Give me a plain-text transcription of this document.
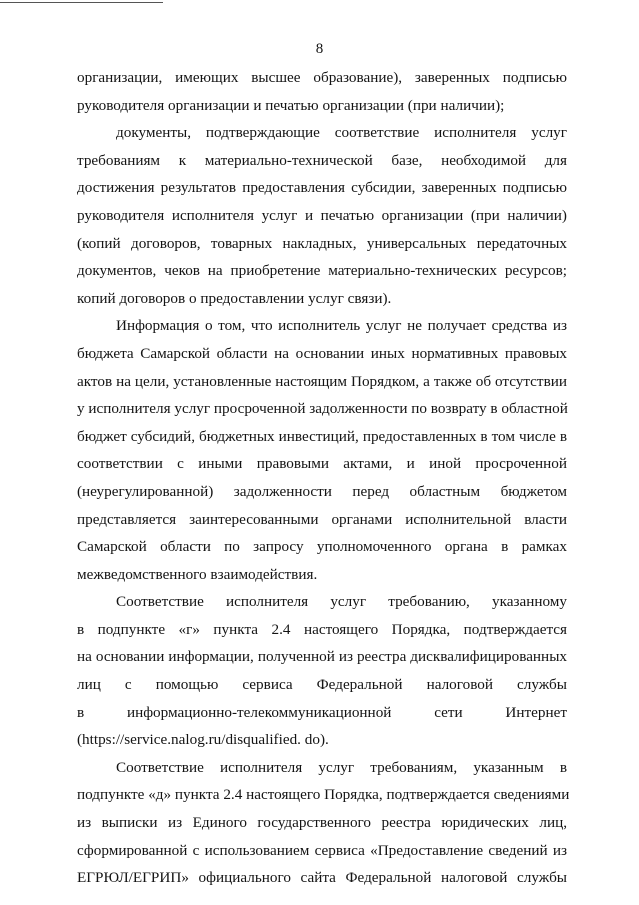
8
организации, имеющих высшее образование), заверенных подписью
руководителя организации и печатью организации (при наличии);
документы, подтверждающие соответствие исполнителя услуг
требованиям к материально-технической базе, необходимой для
достижения результатов предоставления субсидии, заверенных подписью
руководителя исполнителя услуг и печатью организации (при наличии)
(копий договоров, товарных накладных, универсальных передаточных
документов, чеков на приобретение материально-технических ресурсов;
копий договоров о предоставлении услуг связи).
Информация о том, что исполнитель услуг не получает средства из
бюджета Самарской области на основании иных нормативных правовых
актов на цели, установленные настоящим Порядком, а также об отсутствии
у исполнителя услуг просроченной задолженности по возврату в областной
бюджет субсидий, бюджетных инвестиций, предоставленных в том числе в
соответствии с иными правовыми актами, и иной просроченной
(неурегулированной) задолженности перед областным бюджетом
представляется заинтересованными органами исполнительной власти
Самарской области по запросу уполномоченного органа в рамках
межведомственного взаимодействия.
Соответствие исполнителя услуг требованию, указанному
в подпункте «г» пункта 2.4 настоящего Порядка, подтверждается
на основании информации, полученной из реестра дисквалифицированных
лиц с помощью сервиса Федеральной налоговой службы
в информационно-телекоммуникационной сети Интернет
(https://service.nalog.ru/disqualified. do).
Соответствие исполнителя услуг требованиям, указанным в
подпункте «д» пункта 2.4 настоящего Порядка, подтверждается сведениями
из выписки из Единого государственного реестра юридических лиц,
сформированной с использованием сервиса «Предоставление сведений из
ЕГРЮЛ/ЕГРИП» официального сайта Федеральной налоговой службы
